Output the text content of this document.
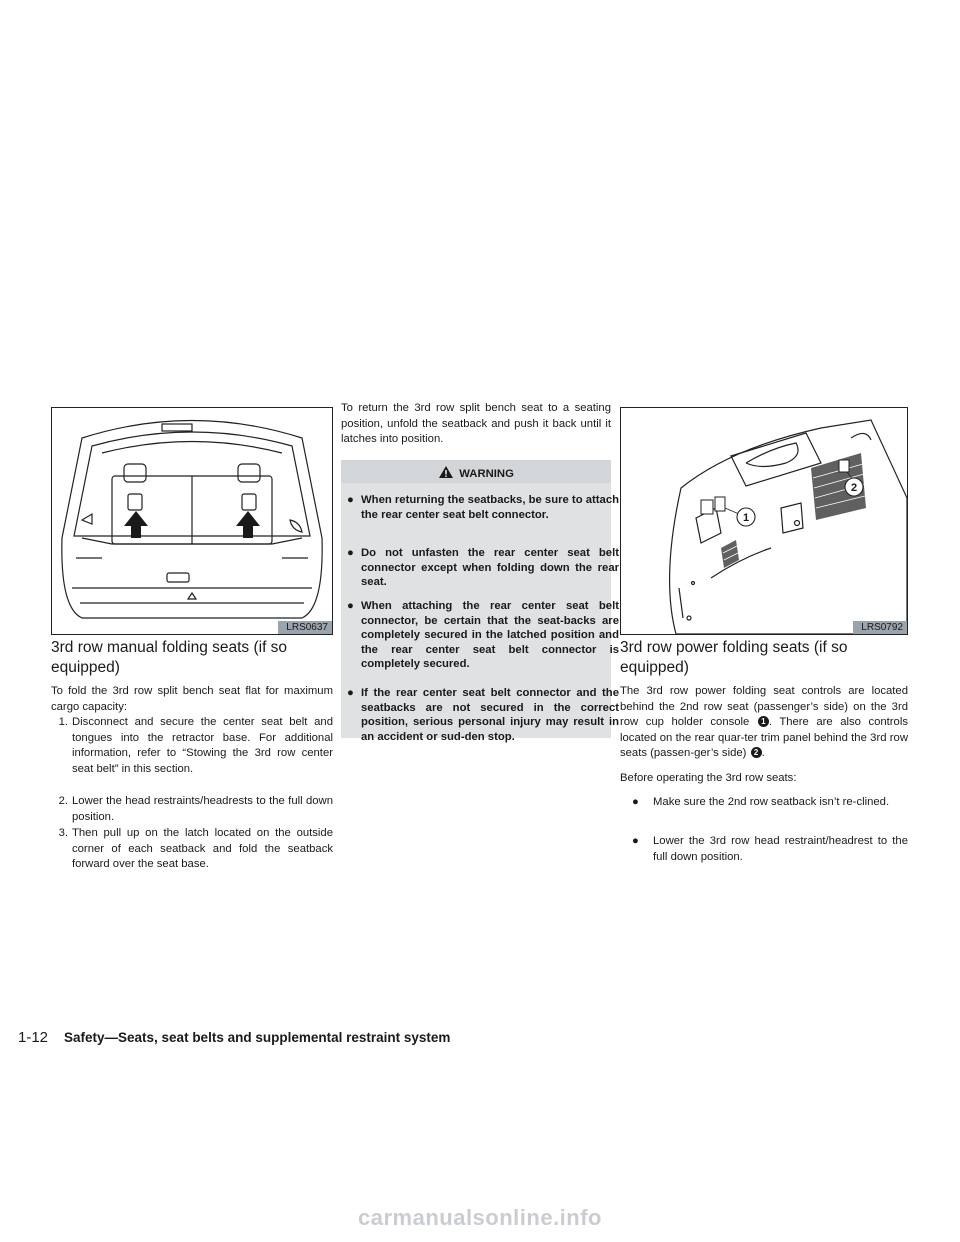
LRS0637
3rd row manual folding seats (if so equipped)

To fold the 3rd row split bench seat flat for maximum cargo capacity:

1. Disconnect and secure the center seat belt and tongues into the retractor base. For additional information, refer to “Stowing the 3rd row center seat belt” in this section.
2. Lower the head restraints/headrests to the full down position.
3. Then pull up on the latch located on the outside corner of each seatback and fold the seatback forward over the seat base.

To return the 3rd row split bench seat to a seating position, unfold the seatback and push it back until it latches into position.

WARNING
● When returning the seatbacks, be sure to attach the rear center seat belt connector.
● Do not unfasten the rear center seat belt connector except when folding down the rear seat.
● When attaching the rear center seat belt connector, be certain that the seat-backs are completely secured in the latched position and the rear center seat belt connector is completely secured.
● If the rear center seat belt connector and the seatbacks are not secured in the correct position, serious personal injury may result in an accident or sud-den stop.
1
2
LRS0792
3rd row power folding seats (if so equipped)

The 3rd row power folding seat controls are located behind the 2nd row seat (passenger’s side) on the 3rd row cup holder console 1 . There are also controls located on the rear quar-ter trim panel behind the 3rd row seats (passen-ger’s side) 2 .

Before operating the 3rd row seats:

● Make sure the 2nd row seatback isn’t re-clined.
● Lower the 3rd row head restraint/headrest to the full down position.
1-12 Safety—Seats, seat belts and supplemental restraint system
carmanualsonline.info
